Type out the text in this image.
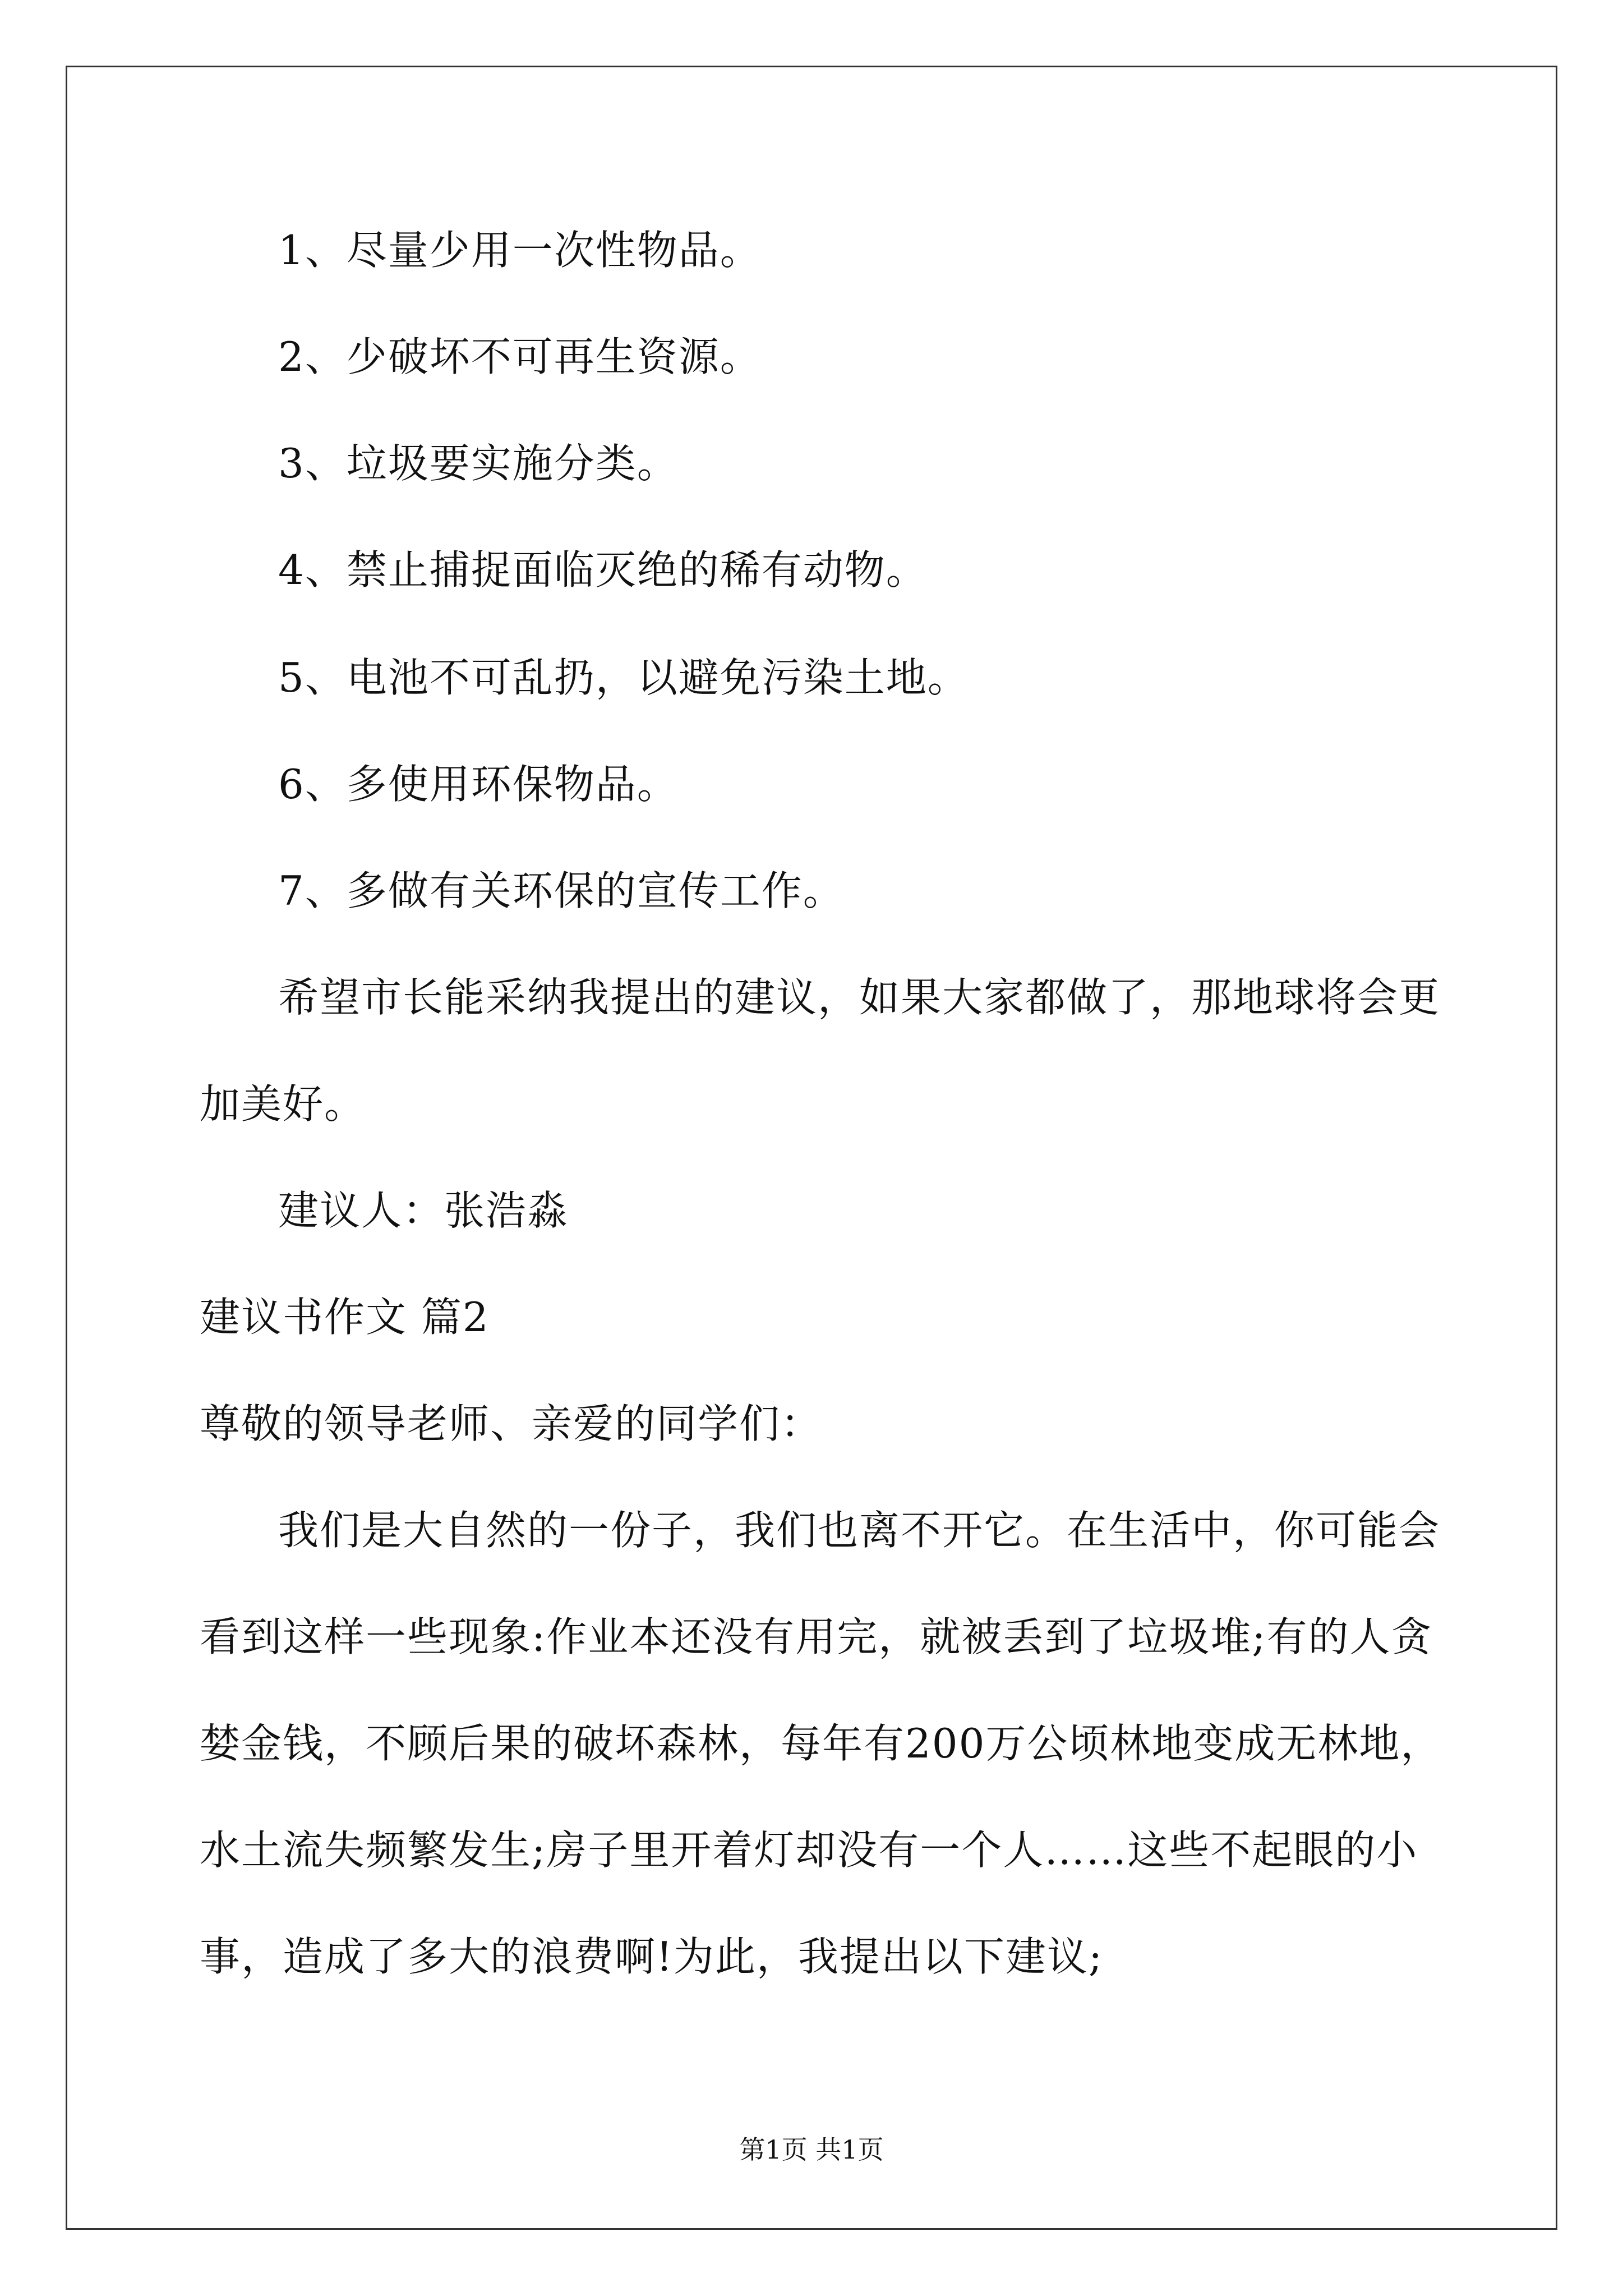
1、尽量少用一次性物品。
2、少破坏不可再生资源。
3、垃圾要实施分类。
4、禁止捕捉面临灭绝的稀有动物。
5、电池不可乱扔，以避免污染土地。
6、多使用环保物品。
7、多做有关环保的宣传工作。
希望市长能采纳我提出的建议，如果大家都做了，那地球将会更
加美好。
建议人：张浩淼
建议书作文 篇2
尊敬的领导老师、亲爱的同学们：
我们是大自然的一份子，我们也离不开它。在生活中，你可能会
看到这样一些现象:作业本还没有用完，就被丢到了垃圾堆;有的人贪
婪金钱，不顾后果的破坏森林，每年有200万公顷林地变成无林地，
水土流失频繁发生;房子里开着灯却没有一个人……这些不起眼的小
事，造成了多大的浪费啊!为此，我提出以下建议;
第1页 共1页
